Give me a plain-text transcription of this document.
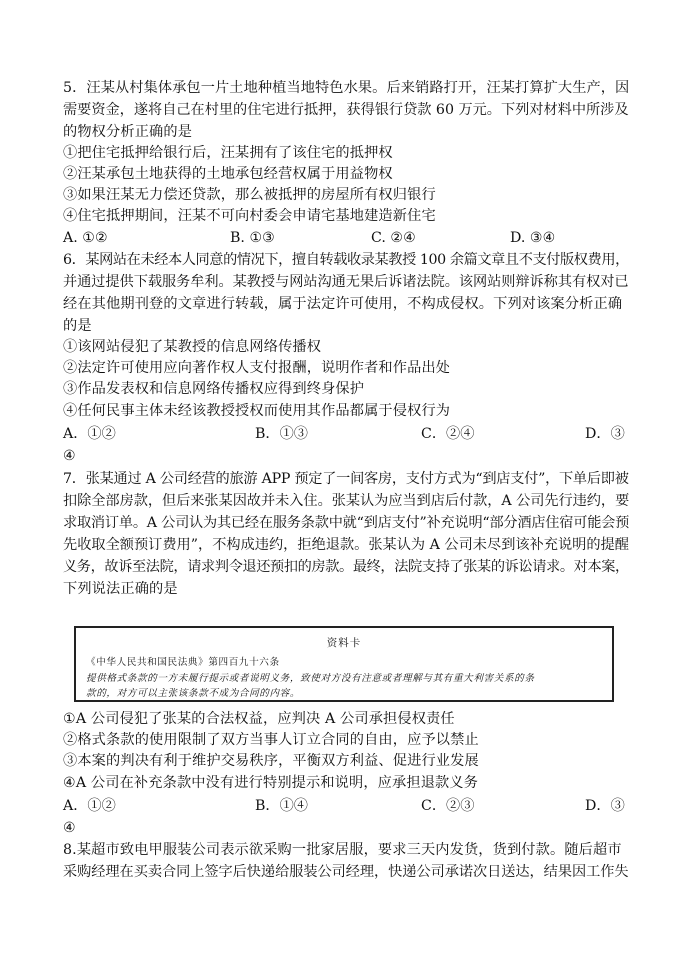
5．汪某从村集体承包一片土地种植当地特色水果。后来销路打开，汪某打算扩大生产，因
需要资金，遂将自己在村里的住宅进行抵押，获得银行贷款 60 万元。下列对材料中所涉及
的物权分析正确的是
①把住宅抵押给银行后，汪某拥有了该住宅的抵押权
②汪某承包土地获得的土地承包经营权属于用益物权
③如果汪某无力偿还贷款，那么被抵押的房屋所有权归银行
④住宅抵押期间，汪某不可向村委会申请宅基地建造新住宅
A. ①②	B. ①③	C. ②④	D. ③④
6．某网站在未经本人同意的情况下，擅自转载收录某教授 100 余篇文章且不支付版权费用，
并通过提供下载服务牟利。某教授与网站沟通无果后诉诸法院。该网站则辩诉称其有权对已
经在其他期刊登的文章进行转载，属于法定许可使用，不构成侵权。下列对该案分析正确
的是
①该网站侵犯了某教授的信息网络传播权
②法定许可使用应向著作权人支付报酬，说明作者和作品出处
③作品发表权和信息网络传播权应得到终身保护
④任何民事主体未经该教授授权而使用其作品都属于侵权行为
A．①②	B．①③	C．②④	D．③
④
7．张某通过 A 公司经营的旅游 APP 预定了一间客房，支付方式为“到店支付”，下单后即被
扣除全部房款，但后来张某因故并未入住。张某认为应当到店后付款，A 公司先行违约，要
求取消订单。A 公司认为其已经在服务条款中就“到店支付”补充说明“部分酒店住宿可能会预
先收取全额预订费用”，不构成违约，拒绝退款。张某认为 A 公司未尽到该补充说明的提醒
义务，故诉至法院，请求判令退还预扣的房款。最终，法院支持了张某的诉讼请求。对本案，
下列说法正确的是
资料卡
《中华人民共和国民法典》第四百九十六条
提供格式条款的一方未履行提示或者说明义务，致使对方没有注意或者理解与其有重大利害关系的条
款的，对方可以主张该条款不成为合同的内容。
①A 公司侵犯了张某的合法权益，应判决 A 公司承担侵权责任
②格式条款的使用限制了双方当事人订立合同的自由，应予以禁止
③本案的判决有利于维护交易秩序，平衡双方利益、促进行业发展
④A 公司在补充条款中没有进行特别提示和说明，应承担退款义务
A．①②	B．①④	C．②③	D．③
④
8.某超市致电甲服装公司表示欲采购一批家居服，要求三天内发货，货到付款。随后超市
采购经理在买卖合同上签字后快递给服装公司经理，快递公司承诺次日送达，结果因工作失
